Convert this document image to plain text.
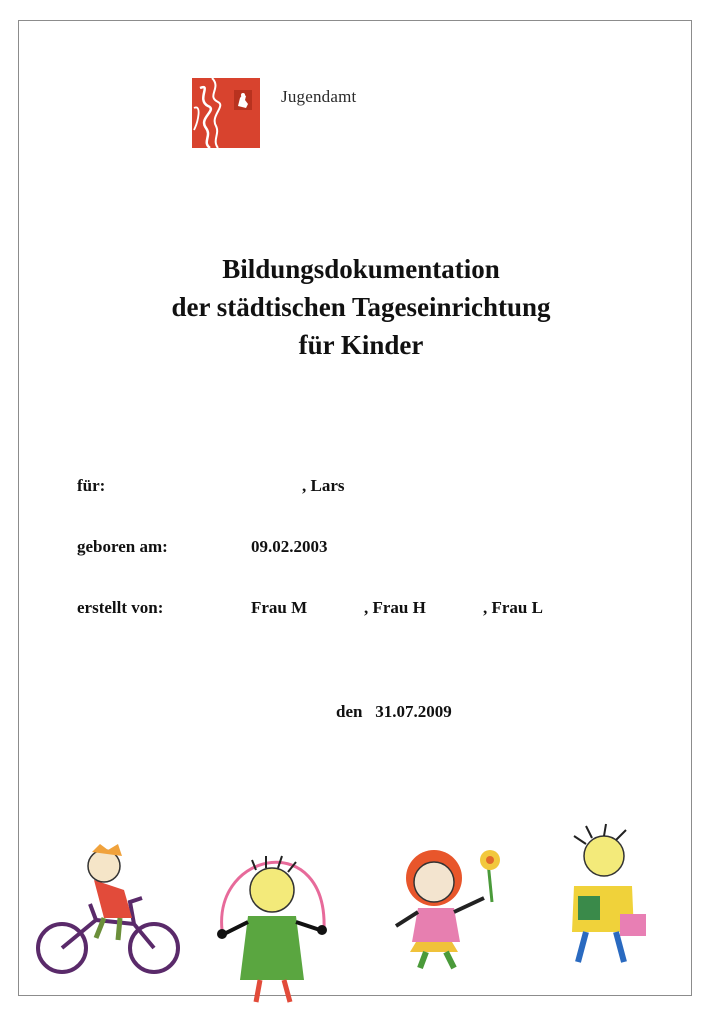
Jugendamt
Bildungsdokumentation
der städtischen Tageseinrichtung
für Kinder
für:	, Lars
geboren am:	09.02.2003
erstellt von:	Frau M	, Frau H	, Frau L
den   31.07.2009
